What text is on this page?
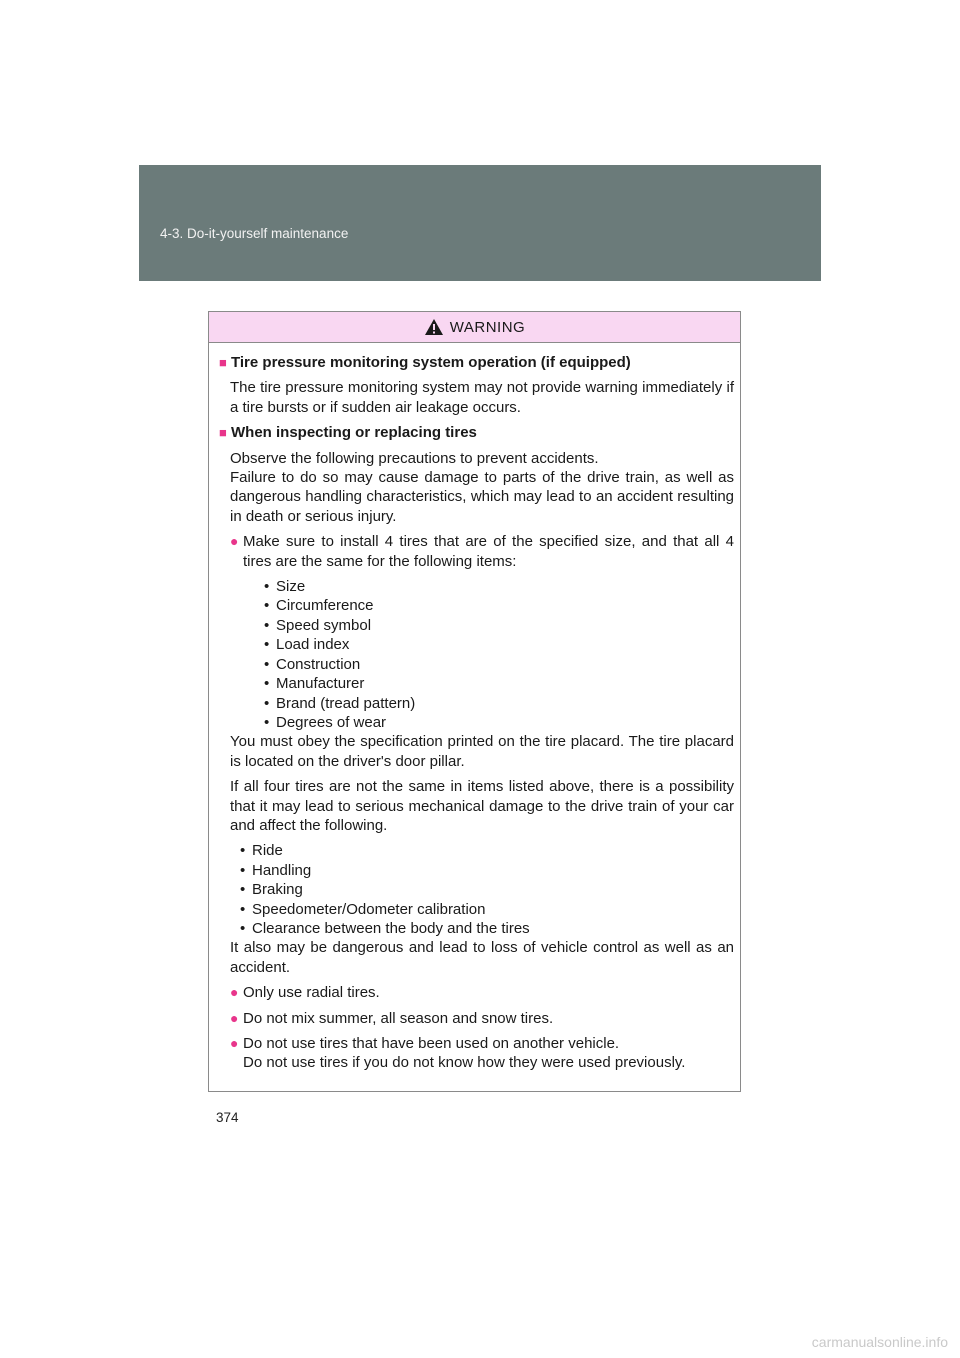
4-3. Do-it-yourself maintenance
WARNING
■ Tire pressure monitoring system operation (if equipped)
The tire pressure monitoring system may not provide warning immediately if a tire bursts or if sudden air leakage occurs.
■ When inspecting or replacing tires
Observe the following precautions to prevent accidents.
Failure to do so may cause damage to parts of the drive train, as well as dangerous handling characteristics, which may lead to an accident resulting in death or serious injury.
● Make sure to install 4 tires that are of the specified size, and that all 4 tires are the same for the following items:
• Size
• Circumference
• Speed symbol
• Load index
• Construction
• Manufacturer
• Brand (tread pattern)
• Degrees of wear
You must obey the specification printed on the tire placard. The tire placard is located on the driver's door pillar.
If all four tires are not the same in items listed above, there is a possibility that it may lead to serious mechanical damage to the drive train of your car and affect the following.
• Ride
• Handling
• Braking
• Speedometer/Odometer calibration
• Clearance between the body and the tires
It also may be dangerous and lead to loss of vehicle control as well as an accident.
● Only use radial tires.
● Do not mix summer, all season and snow tires.
● Do not use tires that have been used on another vehicle.
Do not use tires if you do not know how they were used previously.
374
carmanualsonline.info
